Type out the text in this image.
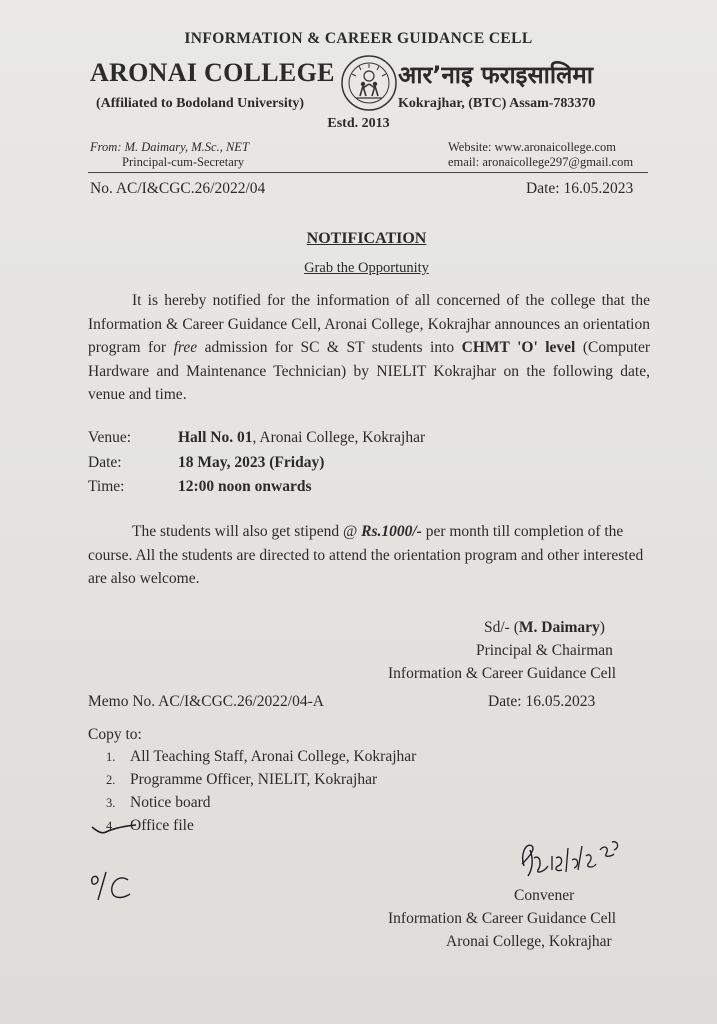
INFORMATION & CAREER GUIDANCE CELL
ARONAI COLLEGE	आर’नाइ फराइसालिमा
(Affiliated to Bodoland University)	Kokrajhar, (BTC) Assam-783370
Estd. 2013
From: M. Daimary, M.Sc., NET
Principal-cum-Secretary
Website: www.aronaicollege.com
email: aronaicollege297@gmail.com
No. AC/I&CGC.26/2022/04	Date: 16.05.2023
NOTIFICATION
Grab the Opportunity
It is hereby notified for the information of all concerned of the college that the Information & Career Guidance Cell, Aronai College, Kokrajhar announces an orientation program for free admission for SC & ST students into CHMT 'O' level (Computer Hardware and Maintenance Technician) by NIELIT Kokrajhar on the following date, venue and time.
Venue:	Hall No. 01, Aronai College, Kokrajhar
Date:	18 May, 2023 (Friday)
Time:	12:00 noon onwards
The students will also get stipend @ Rs.1000/- per month till completion of the course. All the students are directed to attend the orientation program and other interested are also welcome.
Sd/- (M. Daimary)
Principal & Chairman
Information & Career Guidance Cell
Memo No. AC/I&CGC.26/2022/04-A	Date: 16.05.2023
Copy to:
1. All Teaching Staff, Aronai College, Kokrajhar
2. Programme Officer, NIELIT, Kokrajhar
3. Notice board
4. Office file
Convener
Information & Career Guidance Cell
Aronai College, Kokrajhar
